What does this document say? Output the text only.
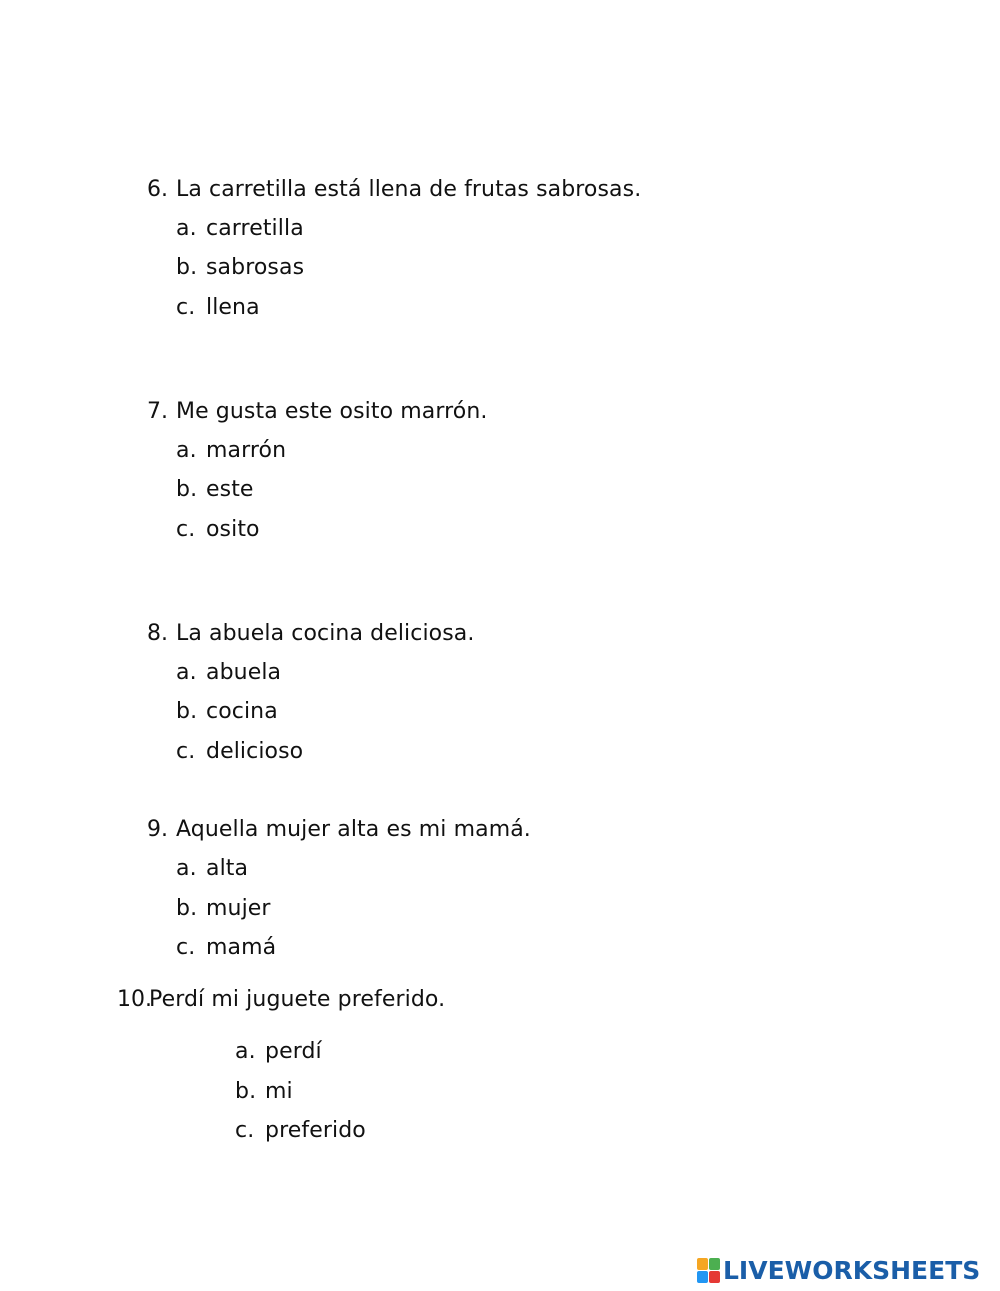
6. La carretilla está llena de frutas sabrosas.
a. carretilla
b. sabrosas
c. llena
7. Me gusta este osito marrón.
a. marrón
b. este
c. osito
8. La abuela cocina deliciosa.
a. abuela
b. cocina
c. delicioso
9. Aquella mujer alta es mi mamá.
a. alta
b. mujer
c. mamá
10.
Perdí mi juguete preferido.
a. perdí
b. mi
c. preferido
LIVEWORKSHEETS
